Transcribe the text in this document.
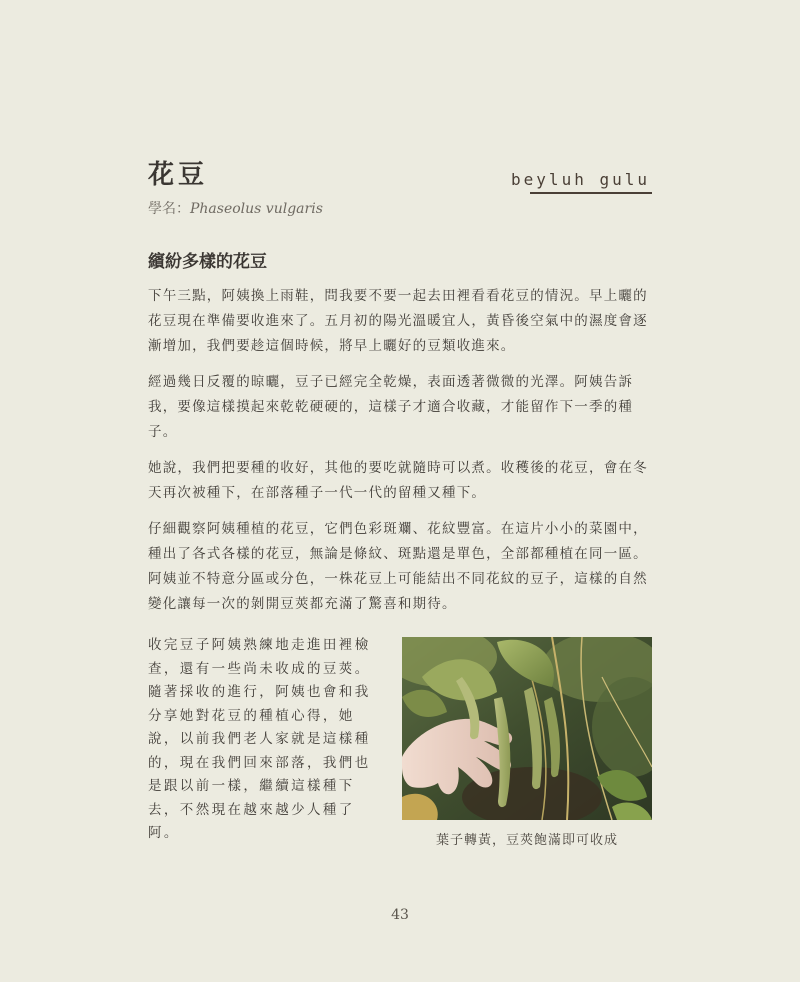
花豆
學名：Phaseolus vulgaris
beyluh gulu
繽紛多樣的花豆

下午三點，阿姨換上雨鞋，問我要不要一起去田裡看看花豆的情況。早上曬的花豆現在準備要收進來了。五月初的陽光溫暖宜人，黃昏後空氣中的濕度會逐漸增加，我們要趁這個時候，將早上曬好的豆類收進來。

經過幾日反覆的晾曬，豆子已經完全乾燥，表面透著微微的光澤。阿姨告訴我，要像這樣摸起來乾乾硬硬的，這樣子才適合收藏，才能留作下一季的種子。

她說，我們把要種的收好，其他的要吃就隨時可以煮。收穫後的花豆，會在冬天再次被種下，在部落種子一代一代的留種又種下。

仔細觀察阿姨種植的花豆，它們色彩斑斕、花紋豐富。在這片小小的菜園中，種出了各式各樣的花豆，無論是條紋、斑點還是單色，全部都種植在同一區。阿姨並不特意分區或分色，一株花豆上可能結出不同花紋的豆子，這樣的自然變化讓每一次的剝開豆莢都充滿了驚喜和期待。

收完豆子阿姨熟練地走進田裡檢查，還有一些尚未收成的豆莢。隨著採收的進行，阿姨也會和我分享她對花豆的種植心得，她說，以前我們老人家就是這樣種的，現在我們回來部落，我們也是跟以前一樣，繼續這樣種下去，不然現在越來越少人種了阿。	葉子轉黃，豆莢飽滿即可收成
43
